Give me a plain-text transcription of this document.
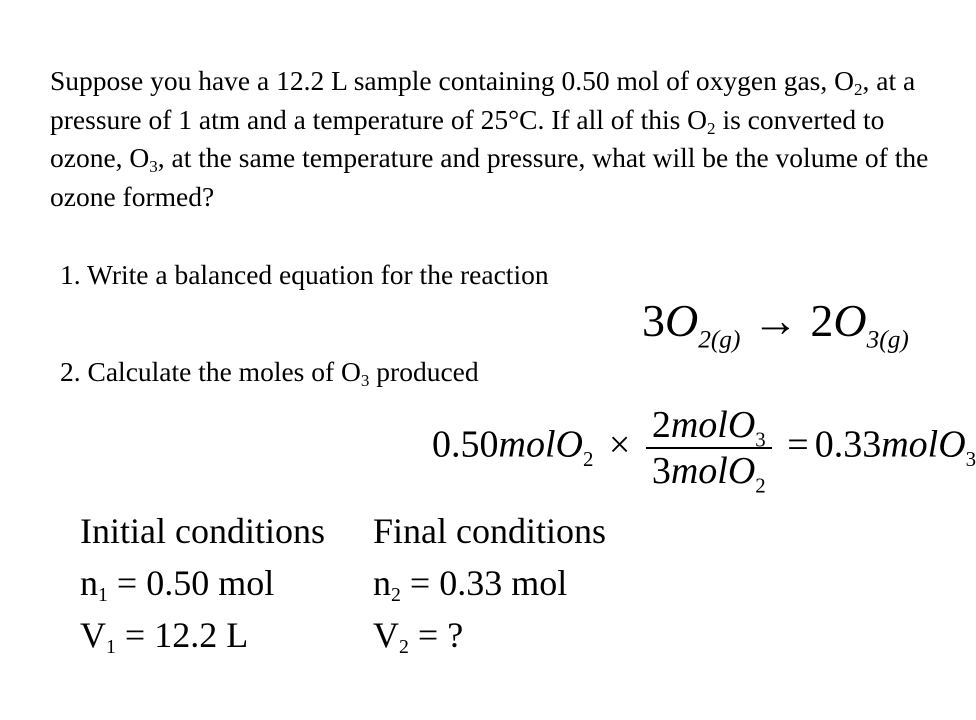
Suppose you have a 12.2 L sample containing 0.50 mol of oxygen gas, $O_2$, at a pressure of 1 atm and a temperature of 25°C. If all of this $O_2$ is converted to ozone, $O_3$, at the same temperature and pressure, what will be the volume of the ozone formed?
1. Write a balanced equation for the reaction
$3O_{2(g)} \to 2O_{3(g)}$
2. Calculate the moles of $O_3$ produced
0.50molO$_2$ × $\frac{2molO_3}{3molO_2}$ = 0.33molO$_3$
Initial conditions Final conditions
$n_1 = 0.50$ mol	$n_2 = 0.33$ mol
$V_1 = 12.2$ L	$V_2$ = ?
